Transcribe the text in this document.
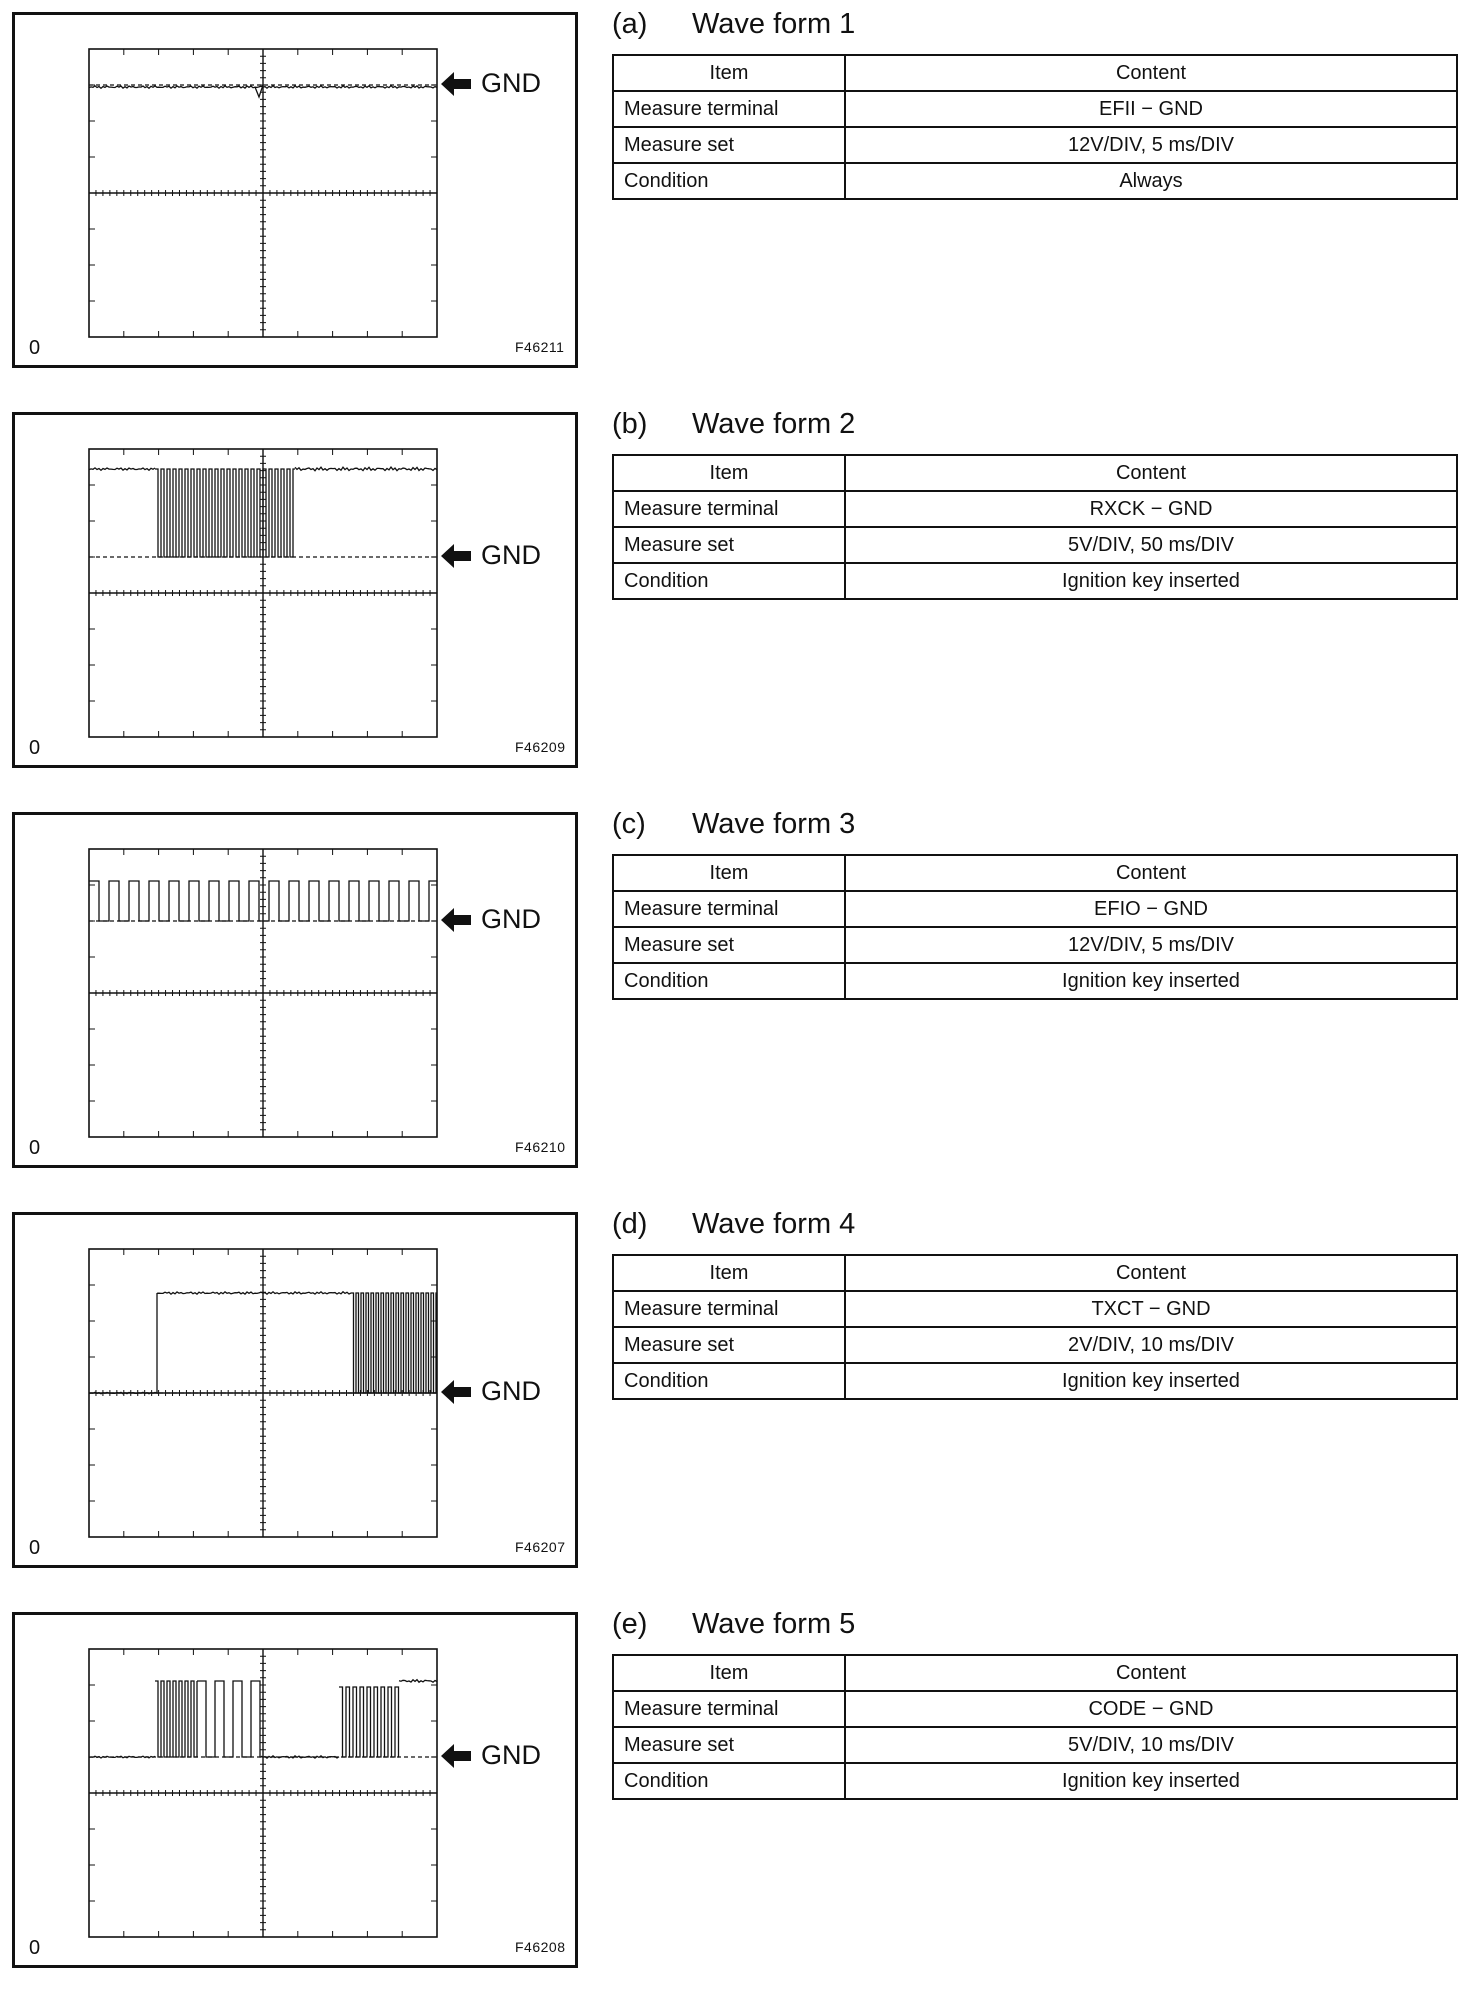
0	F46211
GND
(a)	Wave form 1
Item	Content
Measure terminal	EFII − GND
Measure set	12V/DIV, 5 ms/DIV
Condition	Always
0	F46209
GND
(b)	Wave form 2
Item	Content
Measure terminal	RXCK − GND
Measure set	5V/DIV, 50 ms/DIV
Condition	Ignition key inserted
0	F46210
GND
(c)	Wave form 3
Item	Content
Measure terminal	EFIO − GND
Measure set	12V/DIV, 5 ms/DIV
Condition	Ignition key inserted
0	F46207
GND
(d)	Wave form 4
Item	Content
Measure terminal	TXCT − GND
Measure set	2V/DIV, 10 ms/DIV
Condition	Ignition key inserted
0	F46208
GND
(e)	Wave form 5
Item	Content
Measure terminal	CODE − GND
Measure set	5V/DIV, 10 ms/DIV
Condition	Ignition key inserted
